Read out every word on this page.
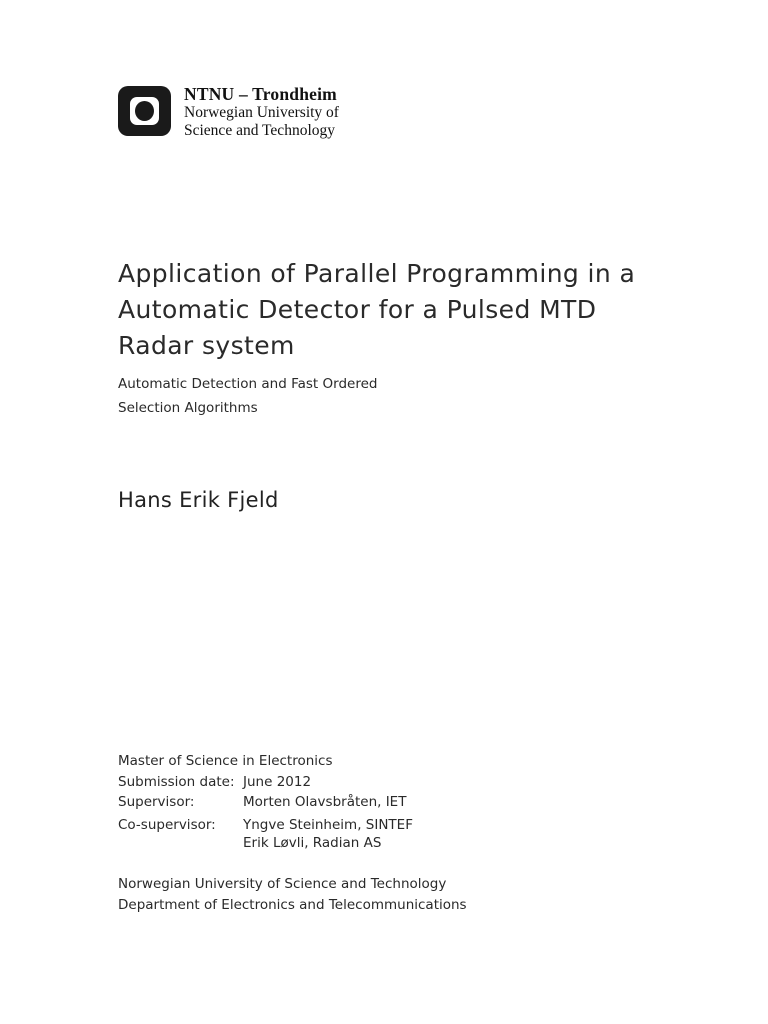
NTNU – Trondheim
Norwegian University of
Science and Technology
Application of Parallel Programming in a Automatic Detector for a Pulsed MTD Radar system
Automatic Detection and Fast Ordered
Selection Algorithms
Hans Erik Fjeld
Master of Science in Electronics
Submission date: June 2012
Supervisor:	Morten Olavsbråten, IET
Co-supervisor:	Yngve Steinheim, SINTEF
Erik Løvli, Radian AS
Norwegian University of Science and Technology
Department of Electronics and Telecommunications
